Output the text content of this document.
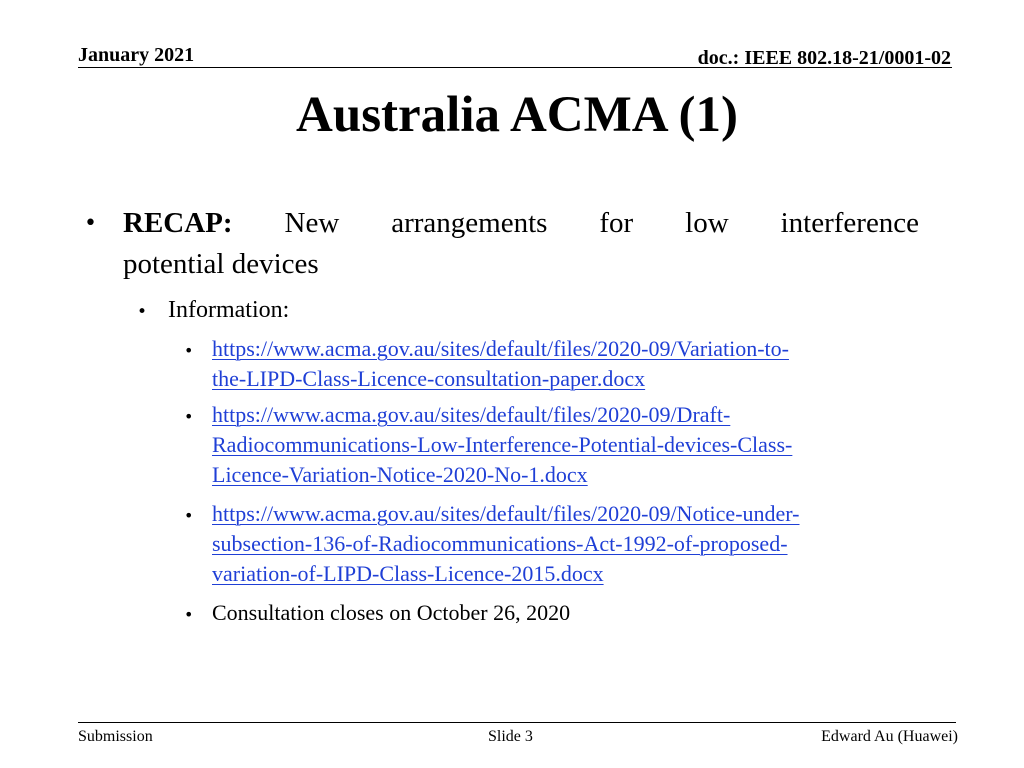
January 2021	doc.: IEEE 802.18-21/0001-02
Australia ACMA (1)
• RECAP: New arrangements for low interference
potential devices
• Information:
• https://www.acma.gov.au/sites/default/files/2020-09/Variation-to-
the-LIPD-Class-Licence-consultation-paper.docx
• https://www.acma.gov.au/sites/default/files/2020-09/Draft-
Radiocommunications-Low-Interference-Potential-devices-Class-
Licence-Variation-Notice-2020-No-1.docx
• https://www.acma.gov.au/sites/default/files/2020-09/Notice-under-
subsection-136-of-Radiocommunications-Act-1992-of-proposed-
variation-of-LIPD-Class-Licence-2015.docx
• Consultation closes on October 26, 2020
Submission	Slide 3	Edward Au (Huawei)
